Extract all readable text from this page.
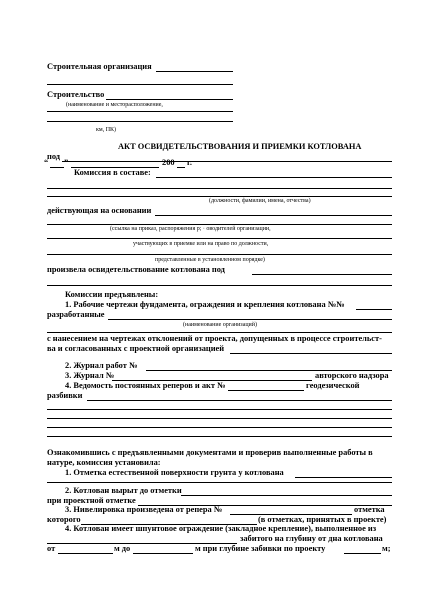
Строительная организация
Строительство
(наименование и месторасположение,
км, ПК)
АКТ ОСВИДЕТЕЛЬСТВОВАНИЯ И ПРИЕМКИ КОТЛОВАНА
под
“ ”	200 г.
Комиссия в составе:
(должности, фамилии, имена, отчества)
действующая на основании
(ссылка на приказ, распоряжения р; · оводителей организации,
участвующих в приемке или на право по должности,
представленные в установленном порядке)
произвела освидетельствование котлована под
Комиссии предъявлены:
1. Рабочие чертежи фундамента, ограждения и крепления котлована №№
разработанные
(наименование организаций)
с нанесением на чертежах отклонений от проекта, допущенных в процессе строительст-
ва и согласованных с проектной организацией
2. Журнал работ №
3. Журнал №	авторского надзора
4. Ведомость постоянных реперов и акт №	геодезической
разбивки
Ознакомившись с предъявленными документами и проверив выполненные работы в
натуре, комиссия установила:
1. Отметка естественной поверхности грунта у котлована
2. Котлован вырыт до отметки
при проектной отметке
3. Нивелировка произведена от репера №	отметка
которого	(в отметках, принятых в проекте)
4. Котлован имеет шпунтовое ограждение (закладное крепление), выполненное из
забитого на глубину от дна котлована
от	м до	м при глубине забивки по проекту	м;
